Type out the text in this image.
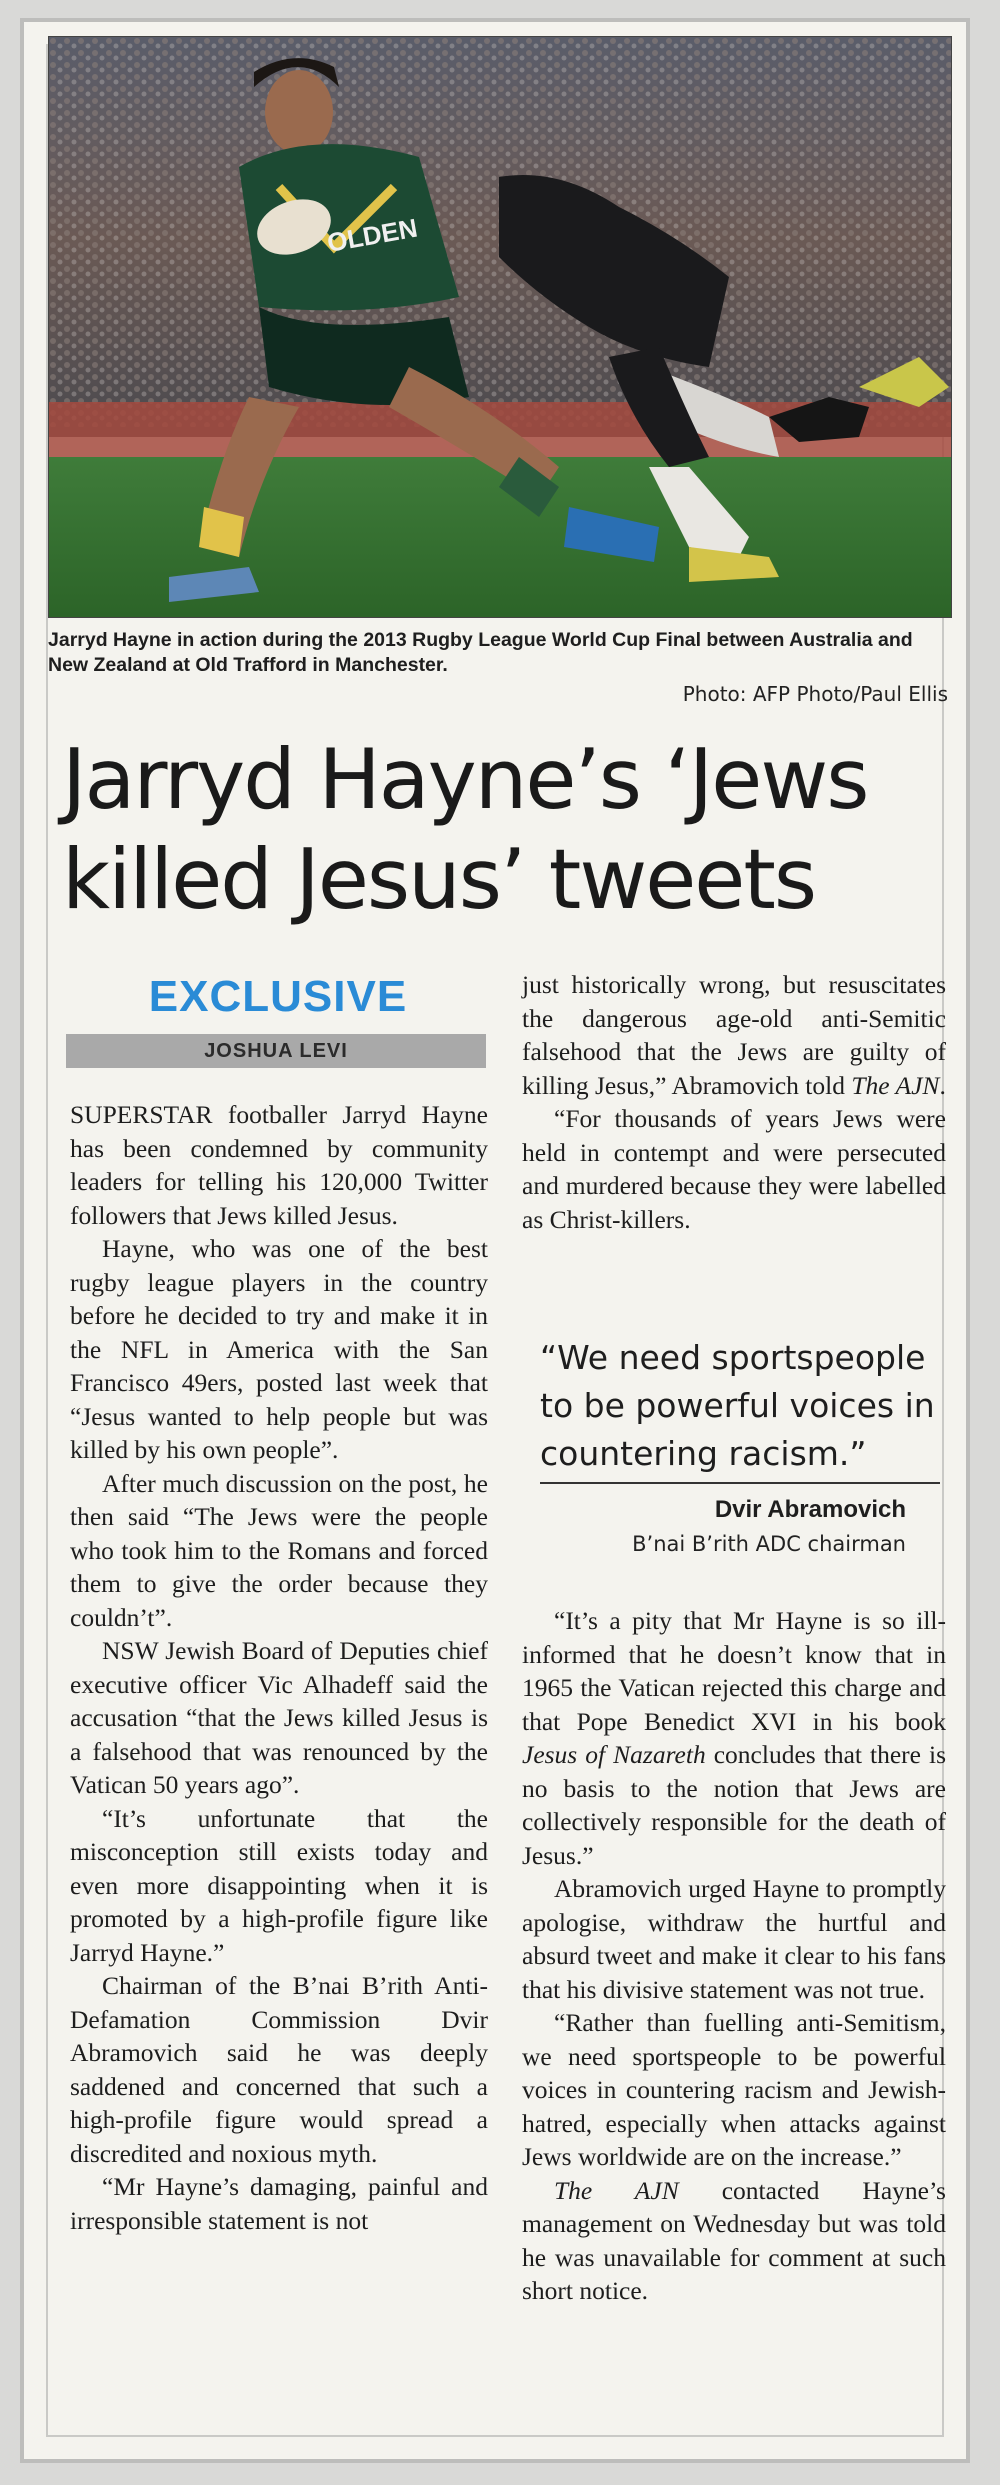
OLDEN
Jarryd Hayne in action during the 2013 Rugby League World Cup Final between Australia and New Zealand at Old Trafford in Manchester.
Photo: AFP Photo/Paul Ellis
Jarryd Hayne’s ‘Jews
killed Jesus’ tweets
EXCLUSIVE
JOSHUA LEVI

SUPERSTAR footballer Jarryd Hayne has been condemned by community leaders for telling his 120,000 Twitter followers that Jews killed Jesus.

Hayne, who was one of the best rugby league players in the country before he decided to try and make it in the NFL in America with the San Francisco 49ers, posted last week that “Jesus wanted to help people but was killed by his own people”.

After much discussion on the post, he then said “The Jews were the people who took him to the Romans and forced them to give the order because they couldn’t”.

NSW Jewish Board of Deputies chief executive officer Vic Alhadeff said the accusation “that the Jews killed Jesus is a falsehood that was renounced by the Vatican 50 years ago”.

“It’s unfortunate that the misconception still exists today and even more disappointing when it is promoted by a high-profile figure like Jarryd Hayne.”

Chairman of the B’nai B’rith Anti-Defamation Commission Dvir Abramovich said he was deeply saddened and concerned that such a high-profile figure would spread a discredited and noxious myth.

“Mr Hayne’s damaging, painful and irresponsible statement is not

just historically wrong, but resuscitates the dangerous age-old anti-Semitic falsehood that the Jews are guilty of killing Jesus,” Abramovich told The AJN.

“For thousands of years Jews were held in contempt and were persecuted and murdered because they were labelled as Christ-killers.

“We need sportspeople to be powerful voices in countering racism.”
Dvir Abramovich
B’nai B’rith ADC chairman

“It’s a pity that Mr Hayne is so ill-informed that he doesn’t know that in 1965 the Vatican rejected this charge and that Pope Benedict XVI in his book Jesus of Nazareth concludes that there is no basis to the notion that Jews are collectively responsible for the death of Jesus.”

Abramovich urged Hayne to promptly apologise, withdraw the hurtful and absurd tweet and make it clear to his fans that his divisive statement was not true.

“Rather than fuelling anti-Semitism, we need sportspeople to be powerful voices in countering racism and Jewish-hatred, especially when attacks against Jews worldwide are on the increase.”

The AJN contacted Hayne’s management on Wednesday but was told he was unavailable for comment at such short notice.
